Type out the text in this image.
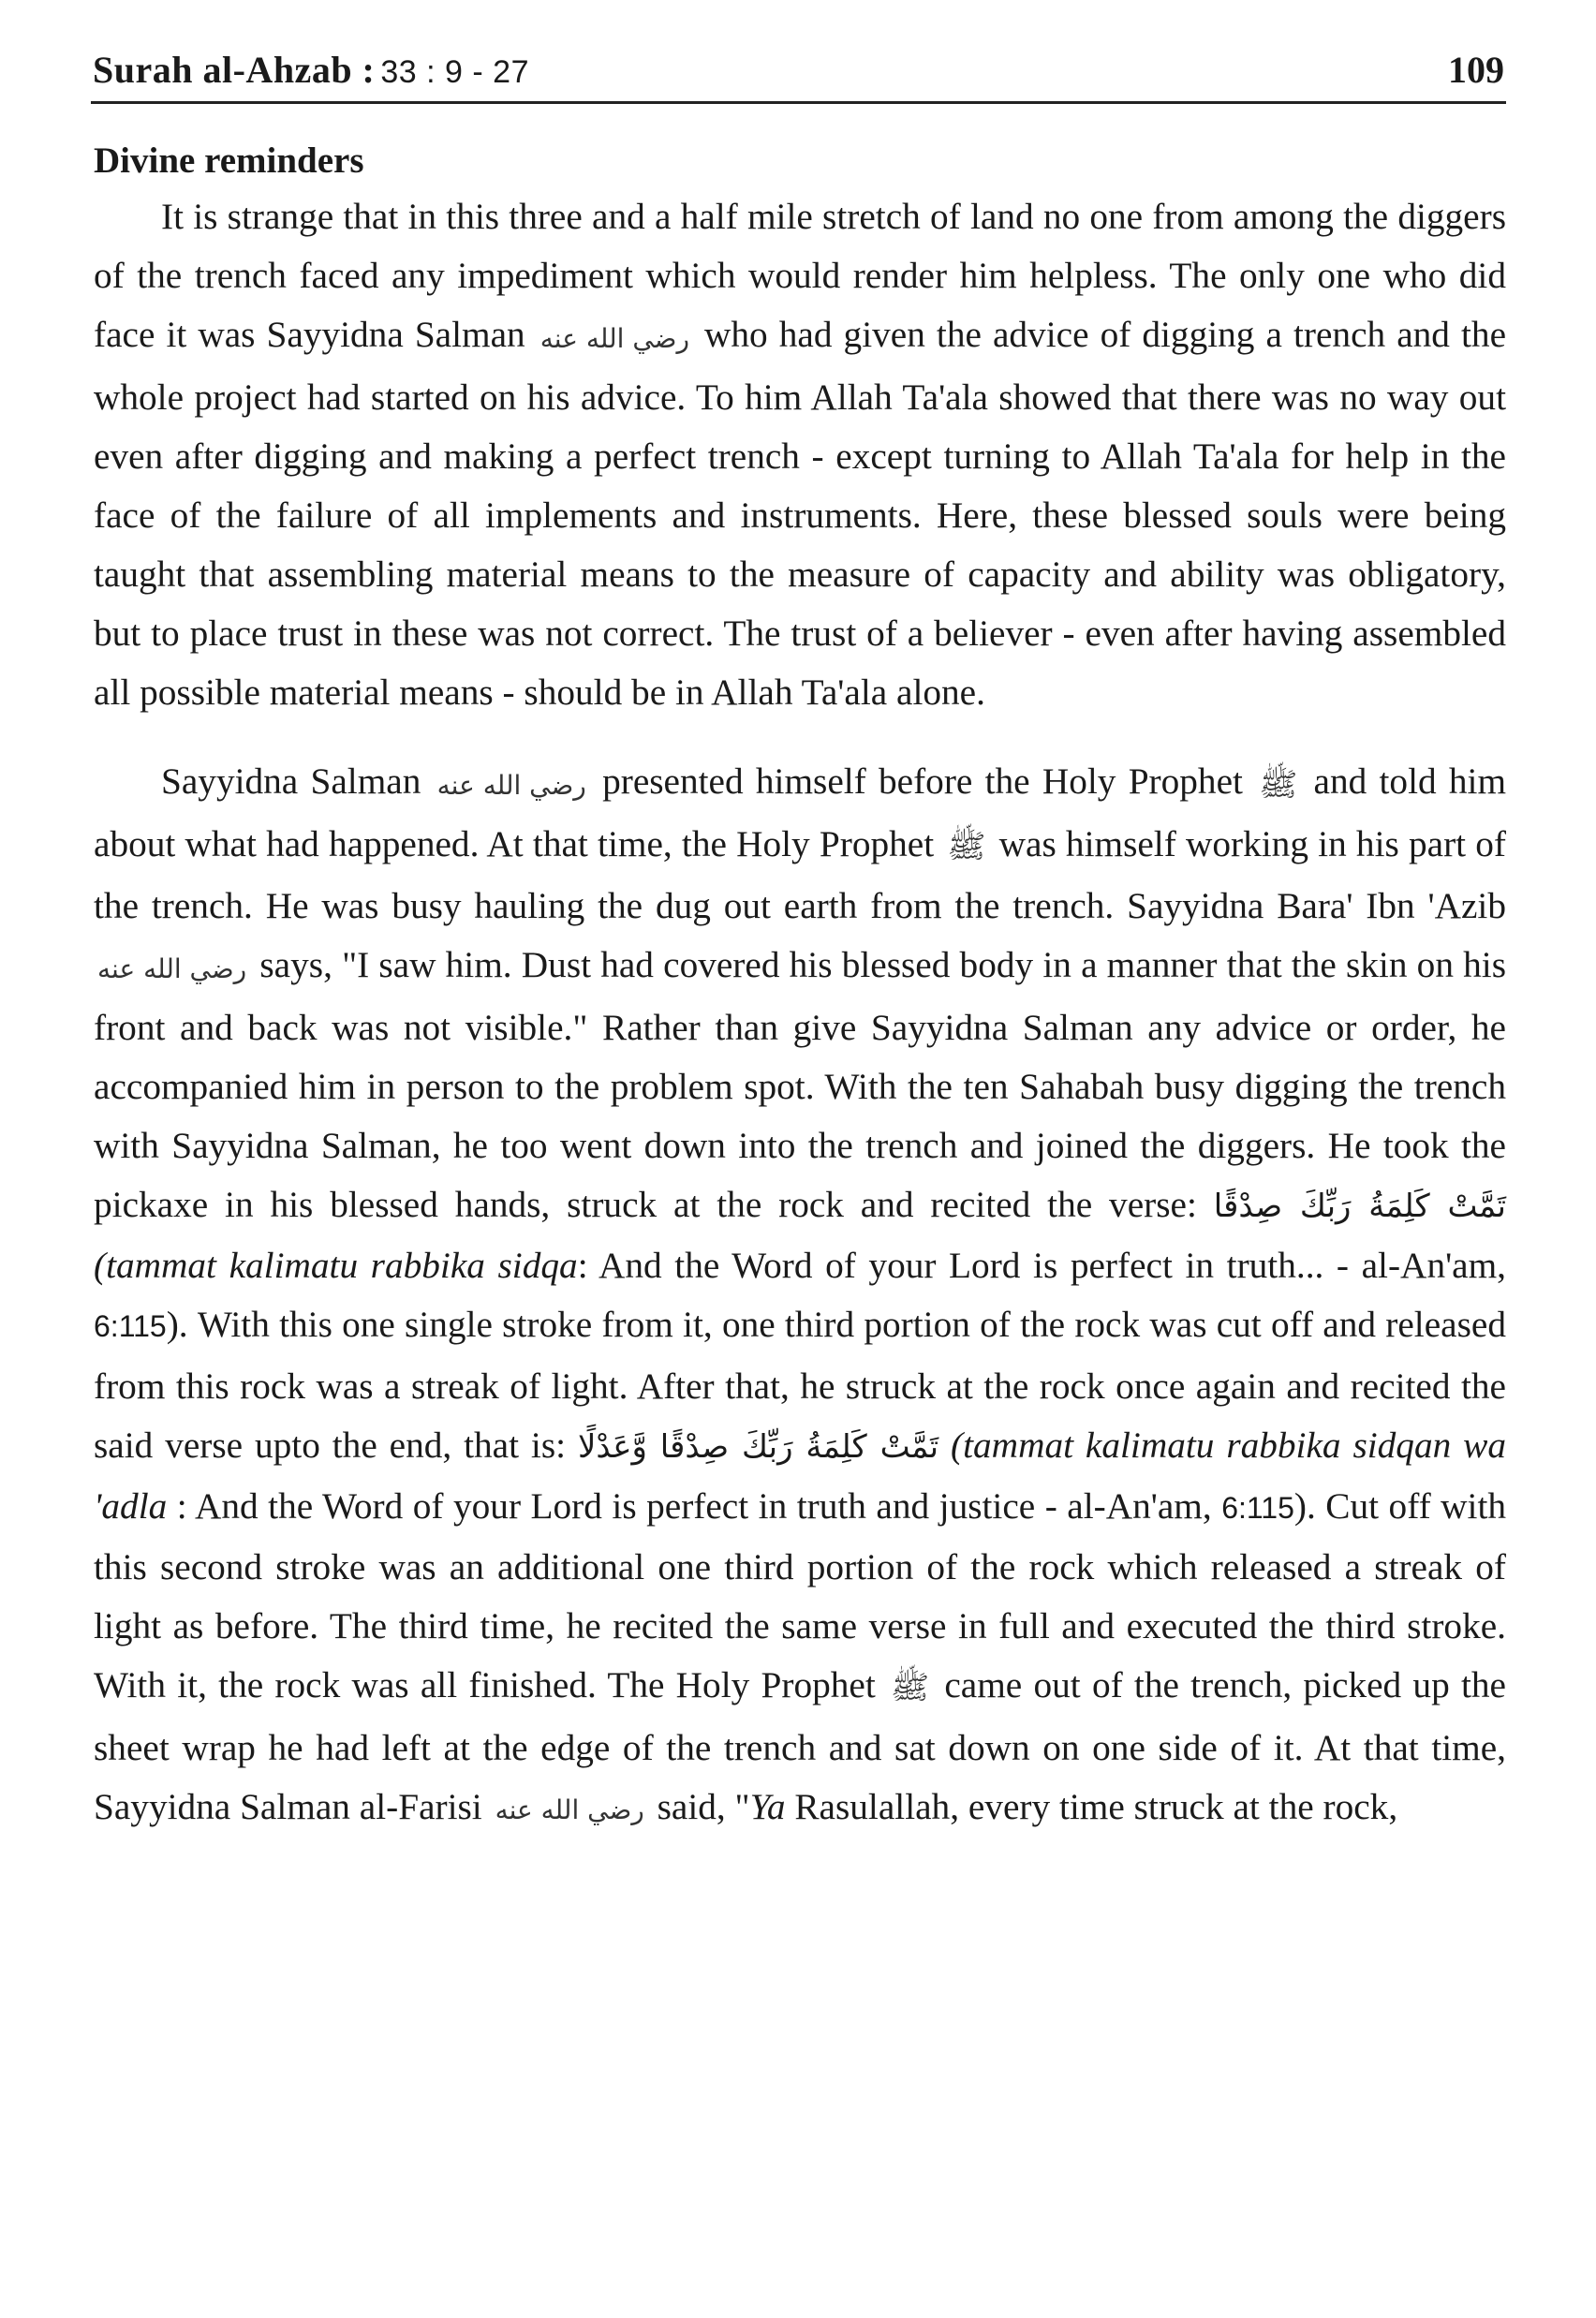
Surah al-Ahzab : 33 : 9 - 27	109
Divine reminders

It is strange that in this three and a half mile stretch of land no one from among the diggers of the trench faced any impediment which would render him helpless. The only one who did face it was Sayyidna Salman رضي الله عنه who had given the advice of digging a trench and the whole project had started on his advice. To him Allah Ta'ala showed that there was no way out even after digging and making a perfect trench - except turning to Allah Ta'ala for help in the face of the failure of all implements and instruments. Here, these blessed souls were being taught that assembling material means to the measure of capacity and ability was obligatory, but to place trust in these was not correct. The trust of a believer - even after having assembled all possible material means - should be in Allah Ta'ala alone.

Sayyidna Salman رضي الله عنه presented himself before the Holy Prophet ﷺ and told him about what had happened. At that time, the Holy Prophet ﷺ was himself working in his part of the trench. He was busy hauling the dug out earth from the trench. Sayyidna Bara' Ibn 'Azib رضي الله عنه says, "I saw him. Dust had covered his blessed body in a manner that the skin on his front and back was not visible." Rather than give Sayyidna Salman any advice or order, he accompanied him in person to the problem spot. With the ten Sahabah busy digging the trench with Sayyidna Salman, he too went down into the trench and joined the diggers. He took the pickaxe in his blessed hands, struck at the rock and recited the verse: تَمَّتْ كَلِمَةُ رَبِّكَ صِدْقًا (tammat kalimatu rabbika sidqa: And the Word of your Lord is perfect in truth... - al-An'am, 6:115). With this one single stroke from it, one third portion of the rock was cut off and released from this rock was a streak of light. After that, he struck at the rock once again and recited the said verse upto the end, that is: تَمَّتْ كَلِمَةُ رَبِّكَ صِدْقًا وَّعَدْلًا (tammat kalimatu rabbika sidqan wa 'adla : And the Word of your Lord is perfect in truth and justice - al-An'am, 6:115). Cut off with this second stroke was an additional one third portion of the rock which released a streak of light as before. The third time, he recited the same verse in full and executed the third stroke. With it, the rock was all finished. The Holy Prophet ﷺ came out of the trench, picked up the sheet wrap he had left at the edge of the trench and sat down on one side of it. At that time, Sayyidna Salman al-Farisi رضي الله عنه said, "Ya Rasulallah, every time struck at the rock,
